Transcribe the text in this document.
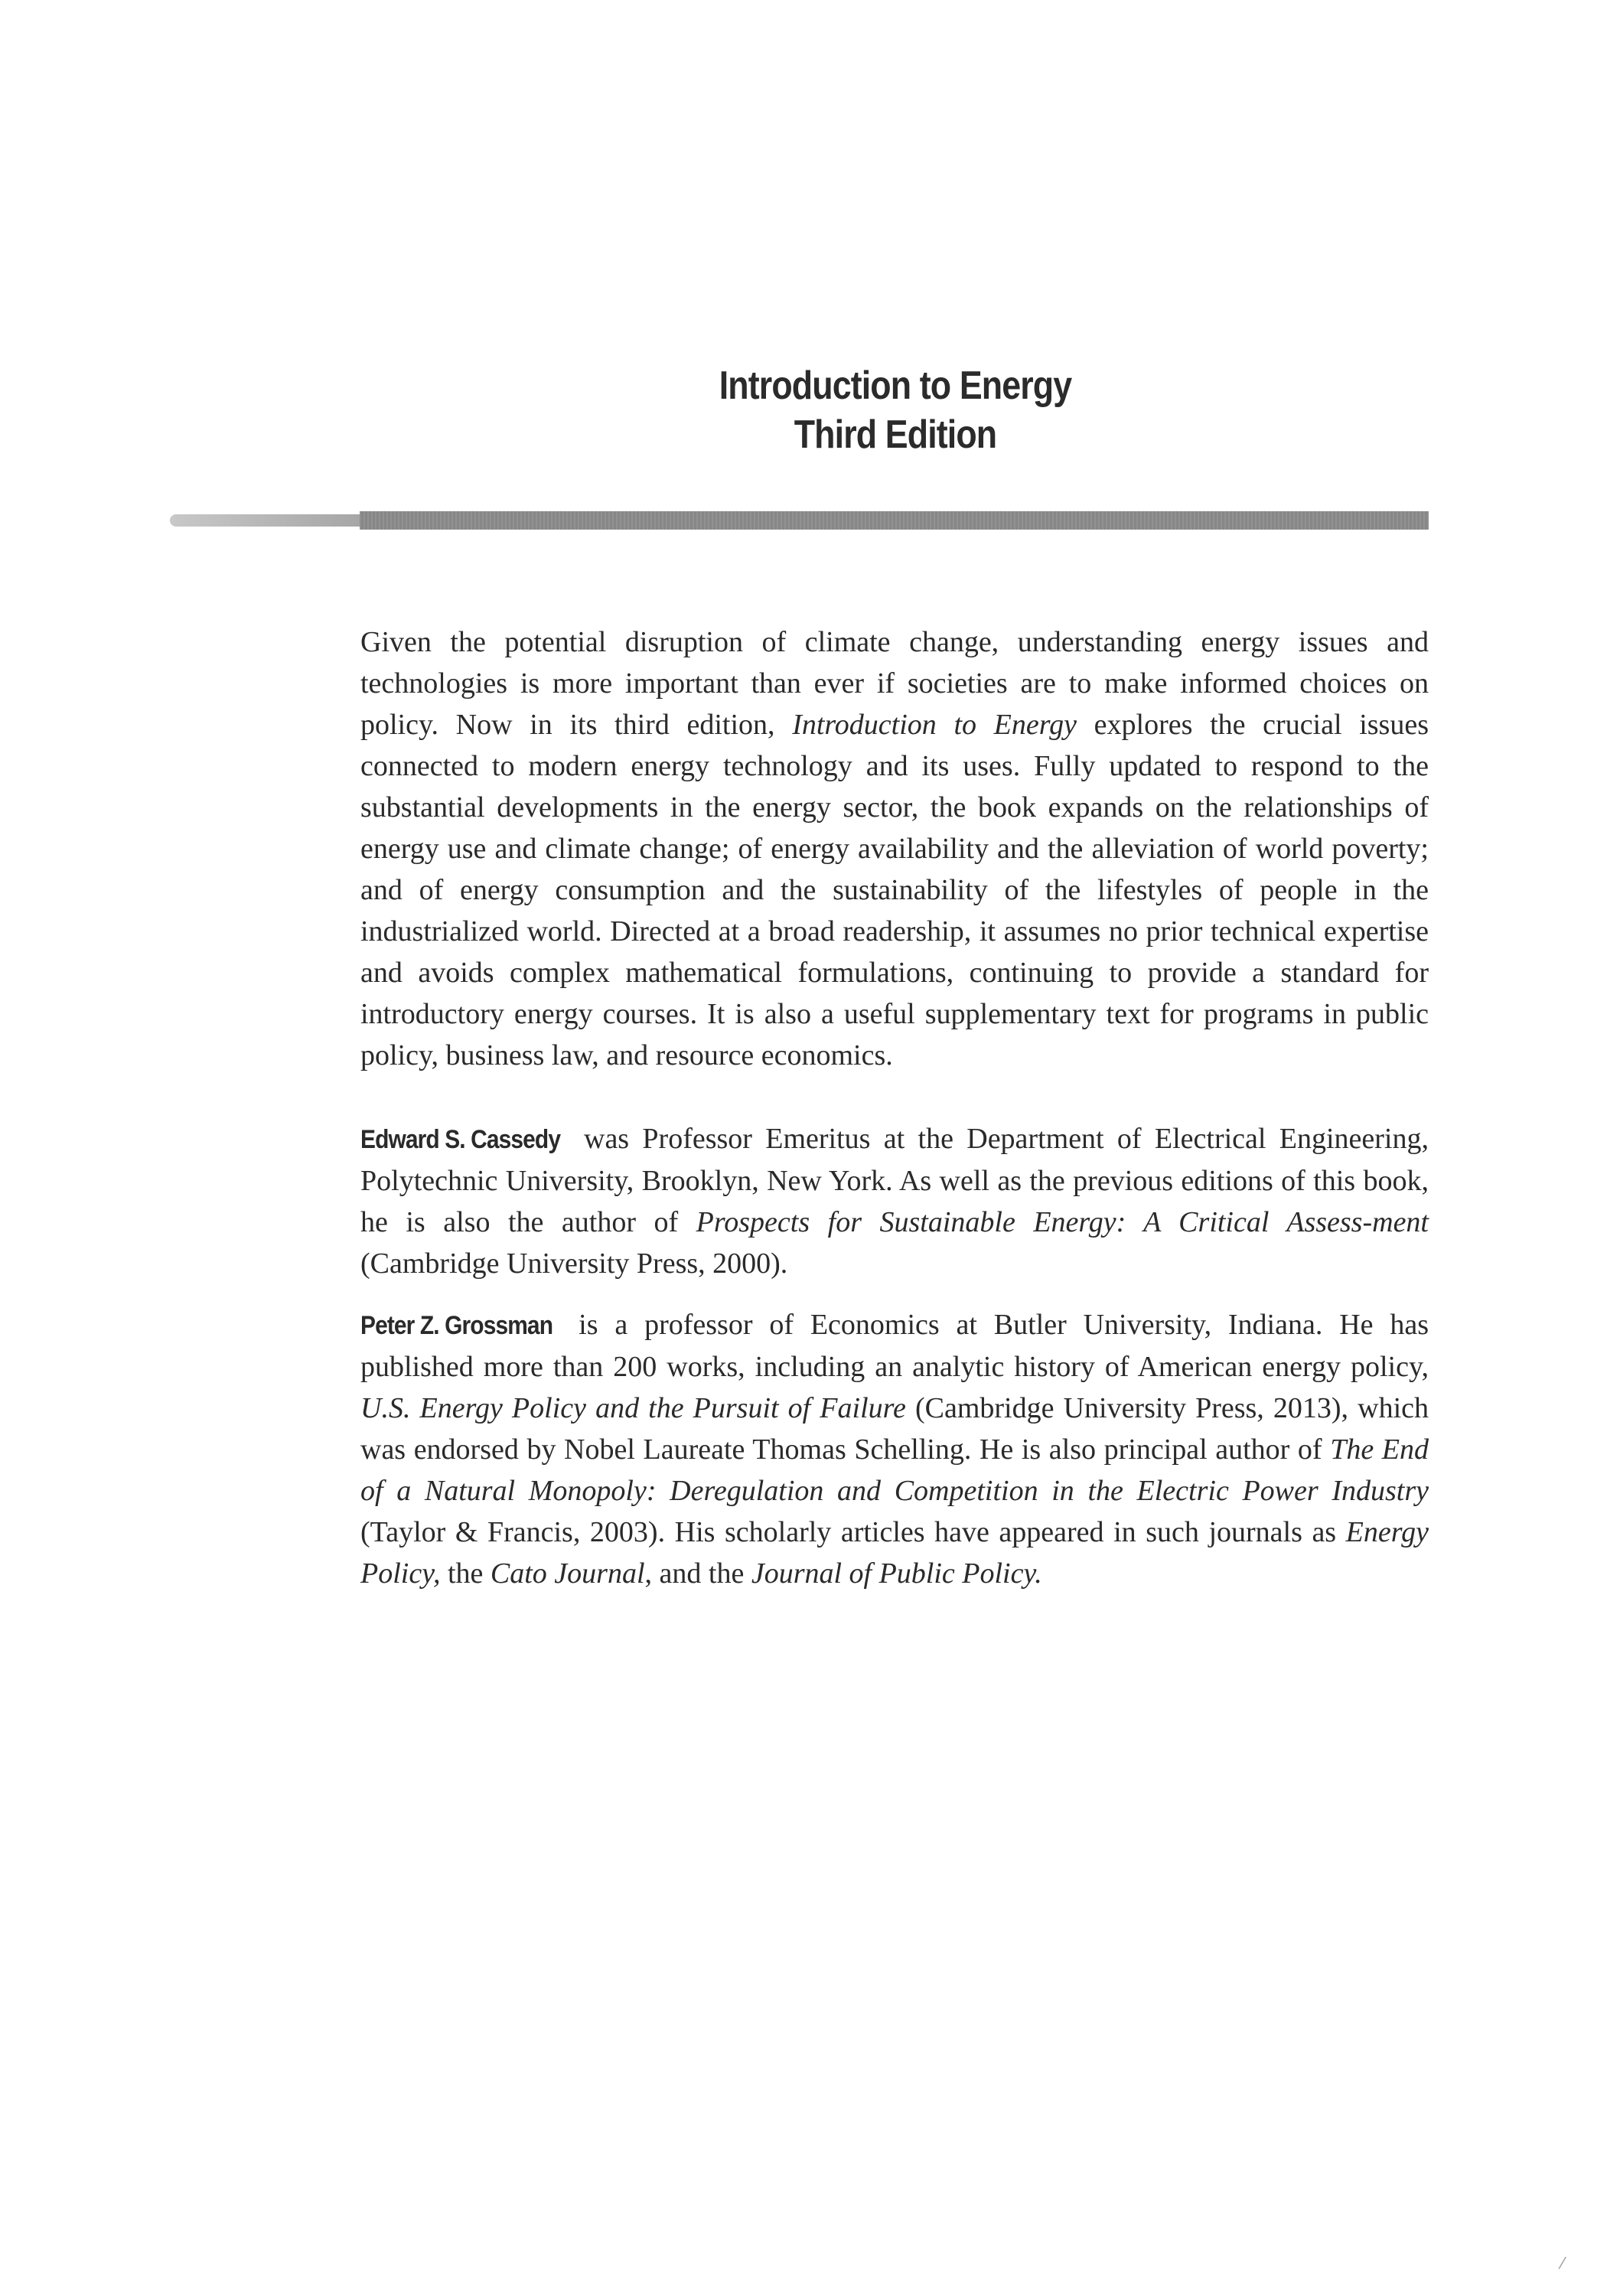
Introduction to Energy
Third Edition

Given the potential disruption of climate change, understanding energy issues and technologies is more important than ever if societies are to make informed choices on policy. Now in its third edition, Introduction to Energy explores the crucial issues connected to modern energy technology and its uses. Fully updated to respond to the substantial developments in the energy sector, the book expands on the relationships of energy use and climate change; of energy availability and the alleviation of world poverty; and of energy consumption and the sustainability of the lifestyles of people in the industrialized world. Directed at a broad readership, it assumes no prior technical expertise and avoids complex mathematical formulations, continuing to provide a standard for introductory energy courses. It is also a useful supplementary text for programs in public policy, business law, and resource economics.

Edward S. Cassedy was Professor Emeritus at the Department of Electrical Engineering, Polytechnic University, Brooklyn, New York. As well as the previous editions of this book, he is also the author of Prospects for Sustainable Energy: A Critical Assess-ment (Cambridge University Press, 2000).

Peter Z. Grossman is a professor of Economics at Butler University, Indiana. He has published more than 200 works, including an analytic history of American energy policy, U.S. Energy Policy and the Pursuit of Failure (Cambridge University Press, 2013), which was endorsed by Nobel Laureate Thomas Schelling. He is also principal author of The End of a Natural Monopoly: Deregulation and Competition in the Electric Power Industry (Taylor & Francis, 2003). His scholarly articles have appeared in such journals as Energy Policy, the Cato Journal, and the Journal of Public Policy.

⁄
